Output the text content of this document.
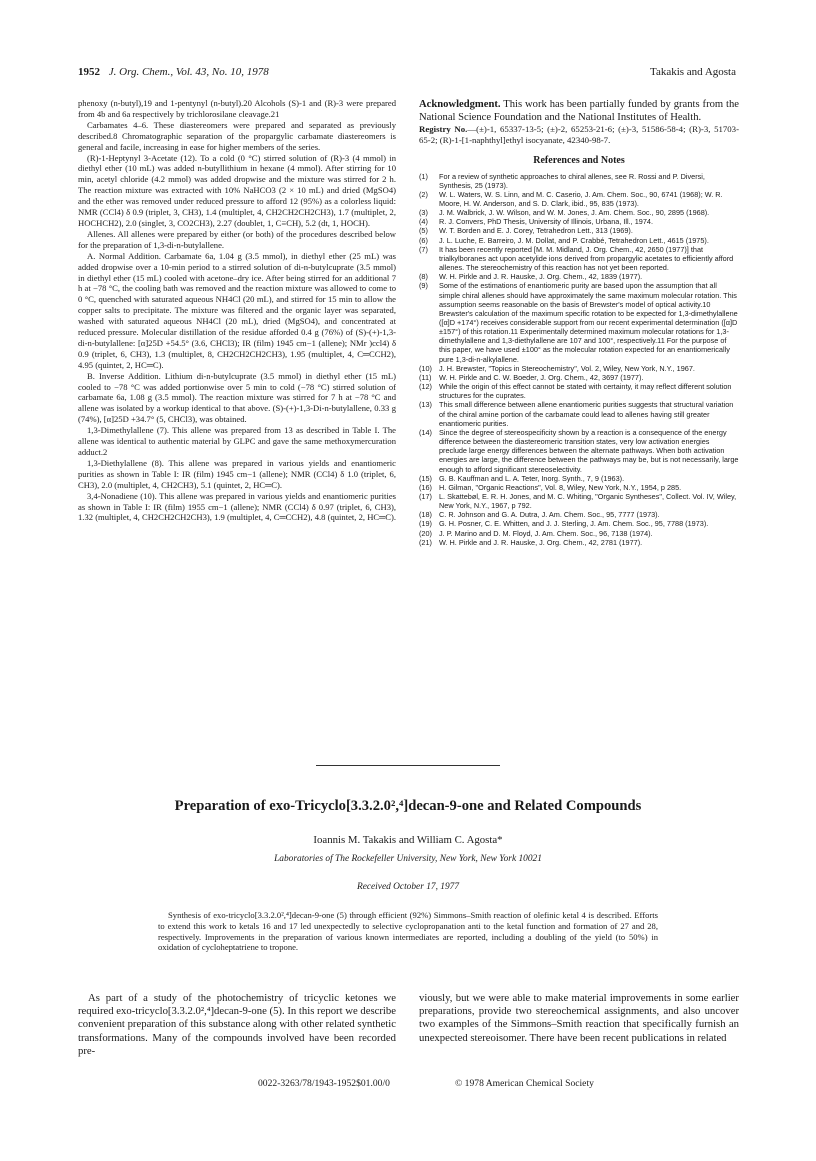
1952 J. Org. Chem., Vol. 43, No. 10, 1978	Takakis and Agosta

phenoxy (n-butyl),19 and 1-pentynyl (n-butyl).20 Alcohols (S)-1 and (R)-3 were prepared from 4b and 6a respectively by trichlorosilane cleavage.21

Carbamates 4–6. These diastereomers were prepared and separated as previously described.8 Chromatographic separation of the propargylic carbamate diastereomers is general and facile, increasing in ease for higher members of the series.

(R)-1-Heptynyl 3-Acetate (12). To a cold (0 °C) stirred solution of (R)-3 (4 mmol) in diethyl ether (10 mL) was added n-butyllithium in hexane (4 mmol). After stirring for 10 min, acetyl chloride (4.2 mmol) was added dropwise and the mixture was stirred for 2 h. The reaction mixture was extracted with 10% NaHCO3 (2 × 10 mL) and dried (MgSO4) and the ether was removed under reduced pressure to afford 12 (95%) as a colorless liquid: NMR (CCl4) δ 0.9 (triplet, 3, CH3), 1.4 (multiplet, 4, CH2CH2CH2CH3), 1.7 (multiplet, 2, HOCHCH2), 2.0 (singlet, 3, CO2CH3), 2.27 (doublet, 1, C≡CH), 5.2 (dt, 1, HOCH).

Allenes. All allenes were prepared by either (or both) of the procedures described below for the preparation of 1,3-di-n-butylallene.

A. Normal Addition. Carbamate 6a, 1.04 g (3.5 mmol), in diethyl ether (25 mL) was added dropwise over a 10-min period to a stirred solution of di-n-butylcuprate (3.5 mmol) in diethyl ether (15 mL) cooled with acetone–dry ice. After being stirred for an additional 7 h at −78 °C, the cooling bath was removed and the reaction mixture was allowed to come to 0 °C, quenched with saturated aqueous NH4Cl (20 mL), and stirred for 15 min to allow the copper salts to precipitate. The mixture was filtered and the organic layer was separated, washed with saturated aqueous NH4Cl (20 mL), dried (MgSO4), and concentrated at reduced pressure. Molecular distillation of the residue afforded 0.4 g (76%) of (S)-(+)-1,3-di-n-butylallene: [α]25D +54.5° (3.6, CHCl3); IR (film) 1945 cm−1 (allene); NMr )ccl4) δ 0.9 (triplet, 6, CH3), 1.3 (multiplet, 8, CH2CH2CH2CH3), 1.95 (multiplet, 4, C═CCH2), 4.95 (quintet, 2, HC═C).

B. Inverse Addition. Lithium di-n-butylcuprate (3.5 mmol) in diethyl ether (15 mL) cooled to −78 °C was added portionwise over 5 min to cold (−78 °C) stirred solution of carbamate 6a, 1.08 g (3.5 mmol). The reaction mixture was stirred for 7 h at −78 °C and allene was isolated by a workup identical to that above. (S)-(+)-1,3-Di-n-butylallene, 0.33 g (74%), [α]25D +34.7° (5, CHCl3), was obtained.

1,3-Dimethylallene (7). This allene was prepared from 13 as described in Table I. The allene was identical to authentic material by GLPC and gave the same methoxymercuration adduct.2

1,3-Diethylallene (8). This allene was prepared in various yields and enantiomeric purities as shown in Table I: IR (film) 1945 cm−1 (allene); NMR (CCl4) δ 1.0 (triplet, 6, CH3), 2.0 (multiplet, 4, CH2CH3), 5.1 (quintet, 2, HC═C).

3,4-Nonadiene (10). This allene was prepared in various yields and enantiomeric purities as shown in Table I: IR (film) 1955 cm−1 (allene); NMR (CCl4) δ 0.97 (triplet, 6, CH3), 1.32 (multiplet, 4, CH2CH2CH2CH3), 1.9 (multiplet, 4, C═CCH2), 4.8 (quintet, 2, HC═C).

Acknowledgment. This work has been partially funded by grants from the National Science Foundation and the National Institutes of Health.

Registry No.—(±)-1, 65337-13-5; (±)-2, 65253-21-6; (±)-3, 51586-58-4; (R)-3, 51703-65-2; (R)-1-[1-naphthyl]ethyl isocyanate, 42340-98-7.

References and Notes
(1)	For a review of synthetic approaches to chiral allenes, see R. Rossi and P. Diversi, Synthesis, 25 (1973).
(2)	W. L. Waters, W. S. Linn, and M. C. Caserio, J. Am. Chem. Soc., 90, 6741 (1968); W. R. Moore, H. W. Anderson, and S. D. Clark, ibid., 95, 835 (1973).
(3)	J. M. Walbrick, J. W. Wilson, and W. M. Jones, J. Am. Chem. Soc., 90, 2895 (1968).
(4)	R. J. Convers, PhD Thesis, University of Illinois, Urbana, Ill., 1974.
(5)	W. T. Borden and E. J. Corey, Tetrahedron Lett., 313 (1969).
(6)	J. L. Luche, E. Barreiro, J. M. Dollat, and P. Crabbé, Tetrahedron Lett., 4615 (1975).
(7)	It has been recently reported [M. M. Midland, J. Org. Chem., 42, 2650 (1977)] that trialkylboranes act upon acetylide ions derived from propargylic acetates to efficiently afford allenes. The stereochemistry of this reaction has not yet been reported.
(8)	W. H. Pirkle and J. R. Hauske, J. Org. Chem., 42, 1839 (1977).
(9)	Some of the estimations of enantiomeric purity are based upon the assumption that all simple chiral allenes should have approximately the same maximum molecular rotation. This assumption seems reasonable on the basis of Brewster's model of optical activity.10 Brewster's calculation of the maximum specific rotation to be expected for 1,3-dimethylallene ([α]D +174°) receives considerable support from our recent experimental determination ([α]D ±157°) of this rotation.11 Experimentally determined maximum molecular rotations for 1,3-dimethylallene and 1,3-diethylallene are 107 and 100°, respectively.11 For the purpose of this paper, we have used ±100° as the molecular rotation expected for an enantiomerically pure 1,3-di-n-alkylallene.
(10) J. H. Brewster, "Topics in Stereochemistry", Vol. 2, Wiley, New York, N.Y., 1967.
(11)	W. H. Pirkle and C. W. Boeder, J. Org. Chem., 42, 3697 (1977).
(12) While the origin of this effect cannot be stated with certainty, it may reflect different solution structures for the cuprates.
(13) This small difference between allene enantiomeric purities suggests that structural variation of the chiral amine portion of the carbamate could lead to allenes having still greater enantiomeric purities.
(14) Since the degree of stereospecificity shown by a reaction is a consequence of the energy difference between the diastereomeric transition states, very low activation energies preclude large energy differences between the alternate pathways. When both activation energies are large, the difference between the pathways may be, but is not necessarily, large enough to afford significant stereoselectivity.
(15) G. B. Kauffman and L. A. Teter, Inorg. Synth., 7, 9 (1963).
(16) H. Gilman, "Organic Reactions", Vol. 8, Wiley, New York, N.Y., 1954, p 285.
(17) L. Skattebøl, E. R. H. Jones, and M. C. Whiting, "Organic Syntheses", Collect. Vol. IV, Wiley, New York, N.Y., 1967, p 792.
(18) C. R. Johnson and G. A. Dutra, J. Am. Chem. Soc., 95, 7777 (1973).
(19) G. H. Posner, C. E. Whitten, and J. J. Sterling, J. Am. Chem. Soc., 95, 7788 (1973).
(20) J. P. Marino and D. M. Floyd, J. Am. Chem. Soc., 96, 7138 (1974).
(21) W. H. Pirkle and J. R. Hauske, J. Org. Chem., 42, 2781 (1977).
Preparation of exo-Tricyclo[3.3.2.0²,⁴]decan-9-one and Related Compounds
Ioannis M. Takakis and William C. Agosta*
Laboratories of The Rockefeller University, New York, New York 10021
Received October 17, 1977
Synthesis of exo-tricyclo[3.3.2.0²,⁴]decan-9-one (5) through efficient (92%) Simmons–Smith reaction of olefinic ketal 4 is described. Efforts to extend this work to ketals 16 and 17 led unexpectedly to selective cyclopropanation anti to the ketal function and formation of 27 and 28, respectively. Improvements in the preparation of various known intermediates are reported, including a doubling of the yield (to 50%) in oxidation of cycloheptatriene to tropone.
As part of a study of the photochemistry of tricyclic ketones we required exo-tricyclo[3.3.2.0²,⁴]decan-9-one (5). In this report we describe convenient preparation of this substance along with other related synthetic transformations. Many of the compounds involved have been recorded pre-
viously, but we were able to make material improvements in some earlier preparations, provide two stereochemical assignments, and also uncover two examples of the Simmons–Smith reaction that specifically furnish an unexpected stereoisomer. There have been recent publications in related
0022-3263/78/1943-1952$01.00/0	© 1978 American Chemical Society
